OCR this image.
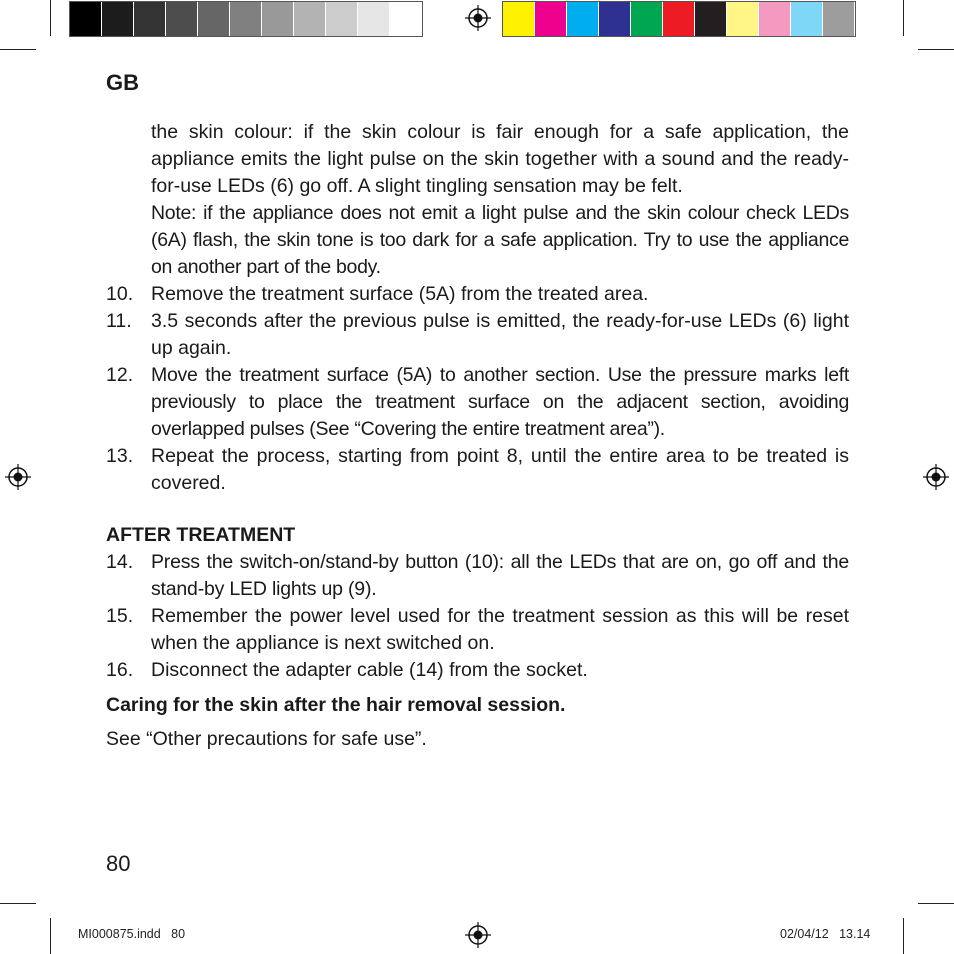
GB
the skin colour: if the skin colour is fair enough for a safe application, the appliance emits the light pulse on the skin together with a sound and the ready-for-use LEDs (6) go off. A slight tingling sensation may be felt.
Note: if the appliance does not emit a light pulse and the skin colour check LEDs (6A) flash, the skin tone is too dark for a safe application. Try to use the appliance on another part of the body.
10. Remove the treatment surface (5A) from the treated area.
11. 3.5 seconds after the previous pulse is emitted, the ready-for-use LEDs (6) light up again.
12. Move the treatment surface (5A) to another section. Use the pressure marks left previously to place the treatment surface on the adjacent section, avoiding overlapped pulses (See “Covering the entire treatment area”).
13. Repeat the process, starting from point 8, until the entire area to be treated is covered.
AFTER TREATMENT
14. Press the switch-on/stand-by button (10): all the LEDs that are on, go off and the stand-by LED lights up (9).
15. Remember the power level used for the treatment session as this will be reset when the appliance is next switched on.
16. Disconnect the adapter cable (14) from the socket.
Caring for the skin after the hair removal session.
See “Other precautions for safe use”.
80
MI000875.indd   80	02/04/12   13.14
